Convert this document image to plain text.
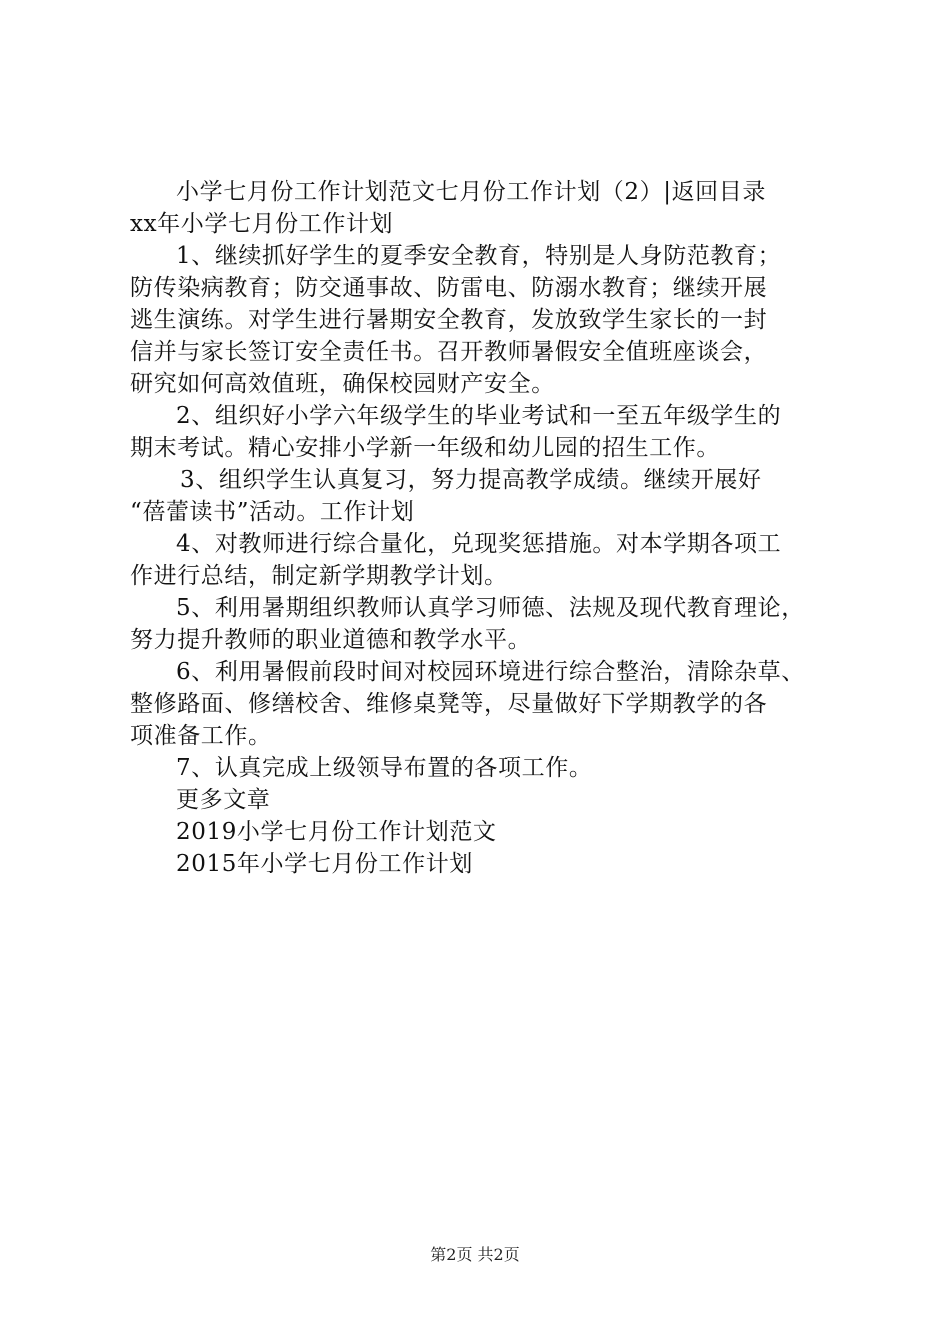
小学七月份工作计划范文七月份工作计划（2）|返回目录
xx年小学七月份工作计划
1、继续抓好学生的夏季安全教育，特别是人身防范教育；
防传染病教育；防交通事故、防雷电、防溺水教育；继续开展
逃生演练。对学生进行暑期安全教育，发放致学生家长的一封
信并与家长签订安全责任书。召开教师暑假安全值班座谈会，
研究如何高效值班，确保校园财产安全。
2、组织好小学六年级学生的毕业考试和一至五年级学生的
期末考试。精心安排小学新一年级和幼儿园的招生工作。
3、组织学生认真复习，努力提高教学成绩。继续开展好
“蓓蕾读书”活动。工作计划
4、对教师进行综合量化，兑现奖惩措施。对本学期各项工
作进行总结，制定新学期教学计划。
5、利用暑期组织教师认真学习师德、法规及现代教育理论，
努力提升教师的职业道德和教学水平。
6、利用暑假前段时间对校园环境进行综合整治，清除杂草、
整修路面、修缮校舍、维修桌凳等，尽量做好下学期教学的各
项准备工作。
7、认真完成上级领导布置的各项工作。
更多文章
2019小学七月份工作计划范文
2015年小学七月份工作计划
第2页 共2页
